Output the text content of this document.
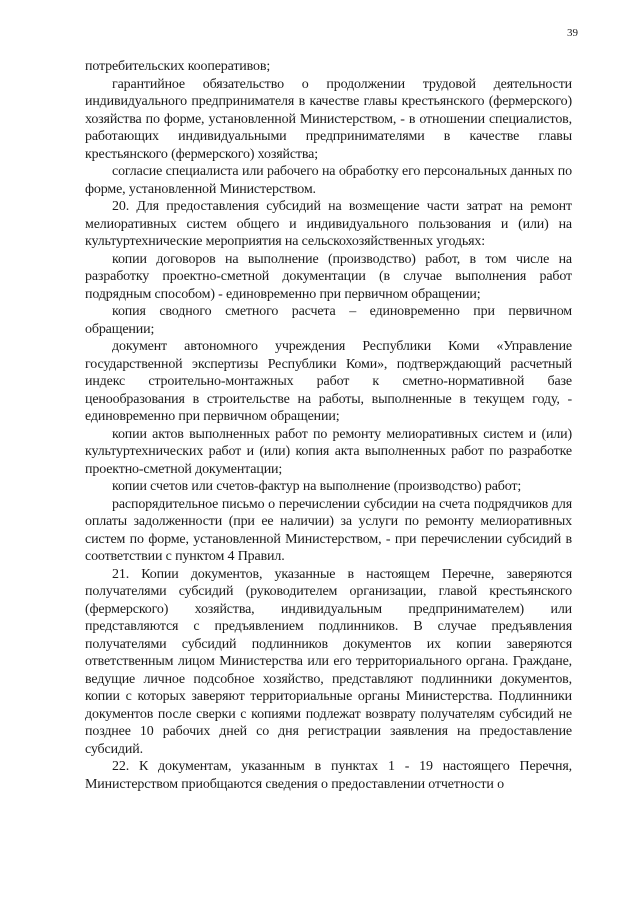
39

потребительских кооперативов;

гарантийное обязательство о продолжении трудовой деятельности индивидуального предпринимателя в качестве главы крестьянского (фермерского) хозяйства по форме, установленной Министерством, - в отношении специалистов, работающих индивидуальными предпринимателями в качестве главы крестьянского (фермерского) хозяйства;

согласие специалиста или рабочего на обработку его персональных данных по форме, установленной Министерством.

20. Для предоставления субсидий на возмещение части затрат на ремонт мелиоративных систем общего и индивидуального пользования и (или) на культуртехнические мероприятия на сельскохозяйственных угодьях:

копии договоров на выполнение (производство) работ, в том числе на разработку проектно-сметной документации (в случае выполнения работ подрядным способом) - единовременно при первичном обращении;

копия сводного сметного расчета – единовременно при первичном обращении;

документ автономного учреждения Республики Коми «Управление государственной экспертизы Республики Коми», подтверждающий расчетный индекс строительно-монтажных работ к сметно-нормативной базе ценообразования в строительстве на работы, выполненные в текущем году, - единовременно при первичном обращении;

копии актов выполненных работ по ремонту мелиоративных систем и (или) культуртехнических работ и (или) копия акта выполненных работ по разработке проектно-сметной документации;

копии счетов или счетов-фактур на выполнение (производство) работ;

распорядительное письмо о перечислении субсидии на счета подрядчиков для оплаты задолженности (при ее наличии) за услуги по ремонту мелиоративных систем по форме, установленной Министерством, - при перечислении субсидий в соответствии с пунктом 4 Правил.

21. Копии документов, указанные в настоящем Перечне, заверяются получателями субсидий (руководителем организации, главой крестьянского (фермерского) хозяйства, индивидуальным предпринимателем) или представляются с предъявлением подлинников. В случае предъявления получателями субсидий подлинников документов их копии заверяются ответственным лицом Министерства или его территориального органа. Граждане, ведущие личное подсобное хозяйство, представляют подлинники документов, копии с которых заверяют территориальные органы Министерства. Подлинники документов после сверки с копиями подлежат возврату получателям субсидий не позднее 10 рабочих дней со дня регистрации заявления на предоставление субсидий.

22. К документам, указанным в пунктах 1 - 19 настоящего Перечня, Министерством приобщаются сведения о предоставлении отчетности о
